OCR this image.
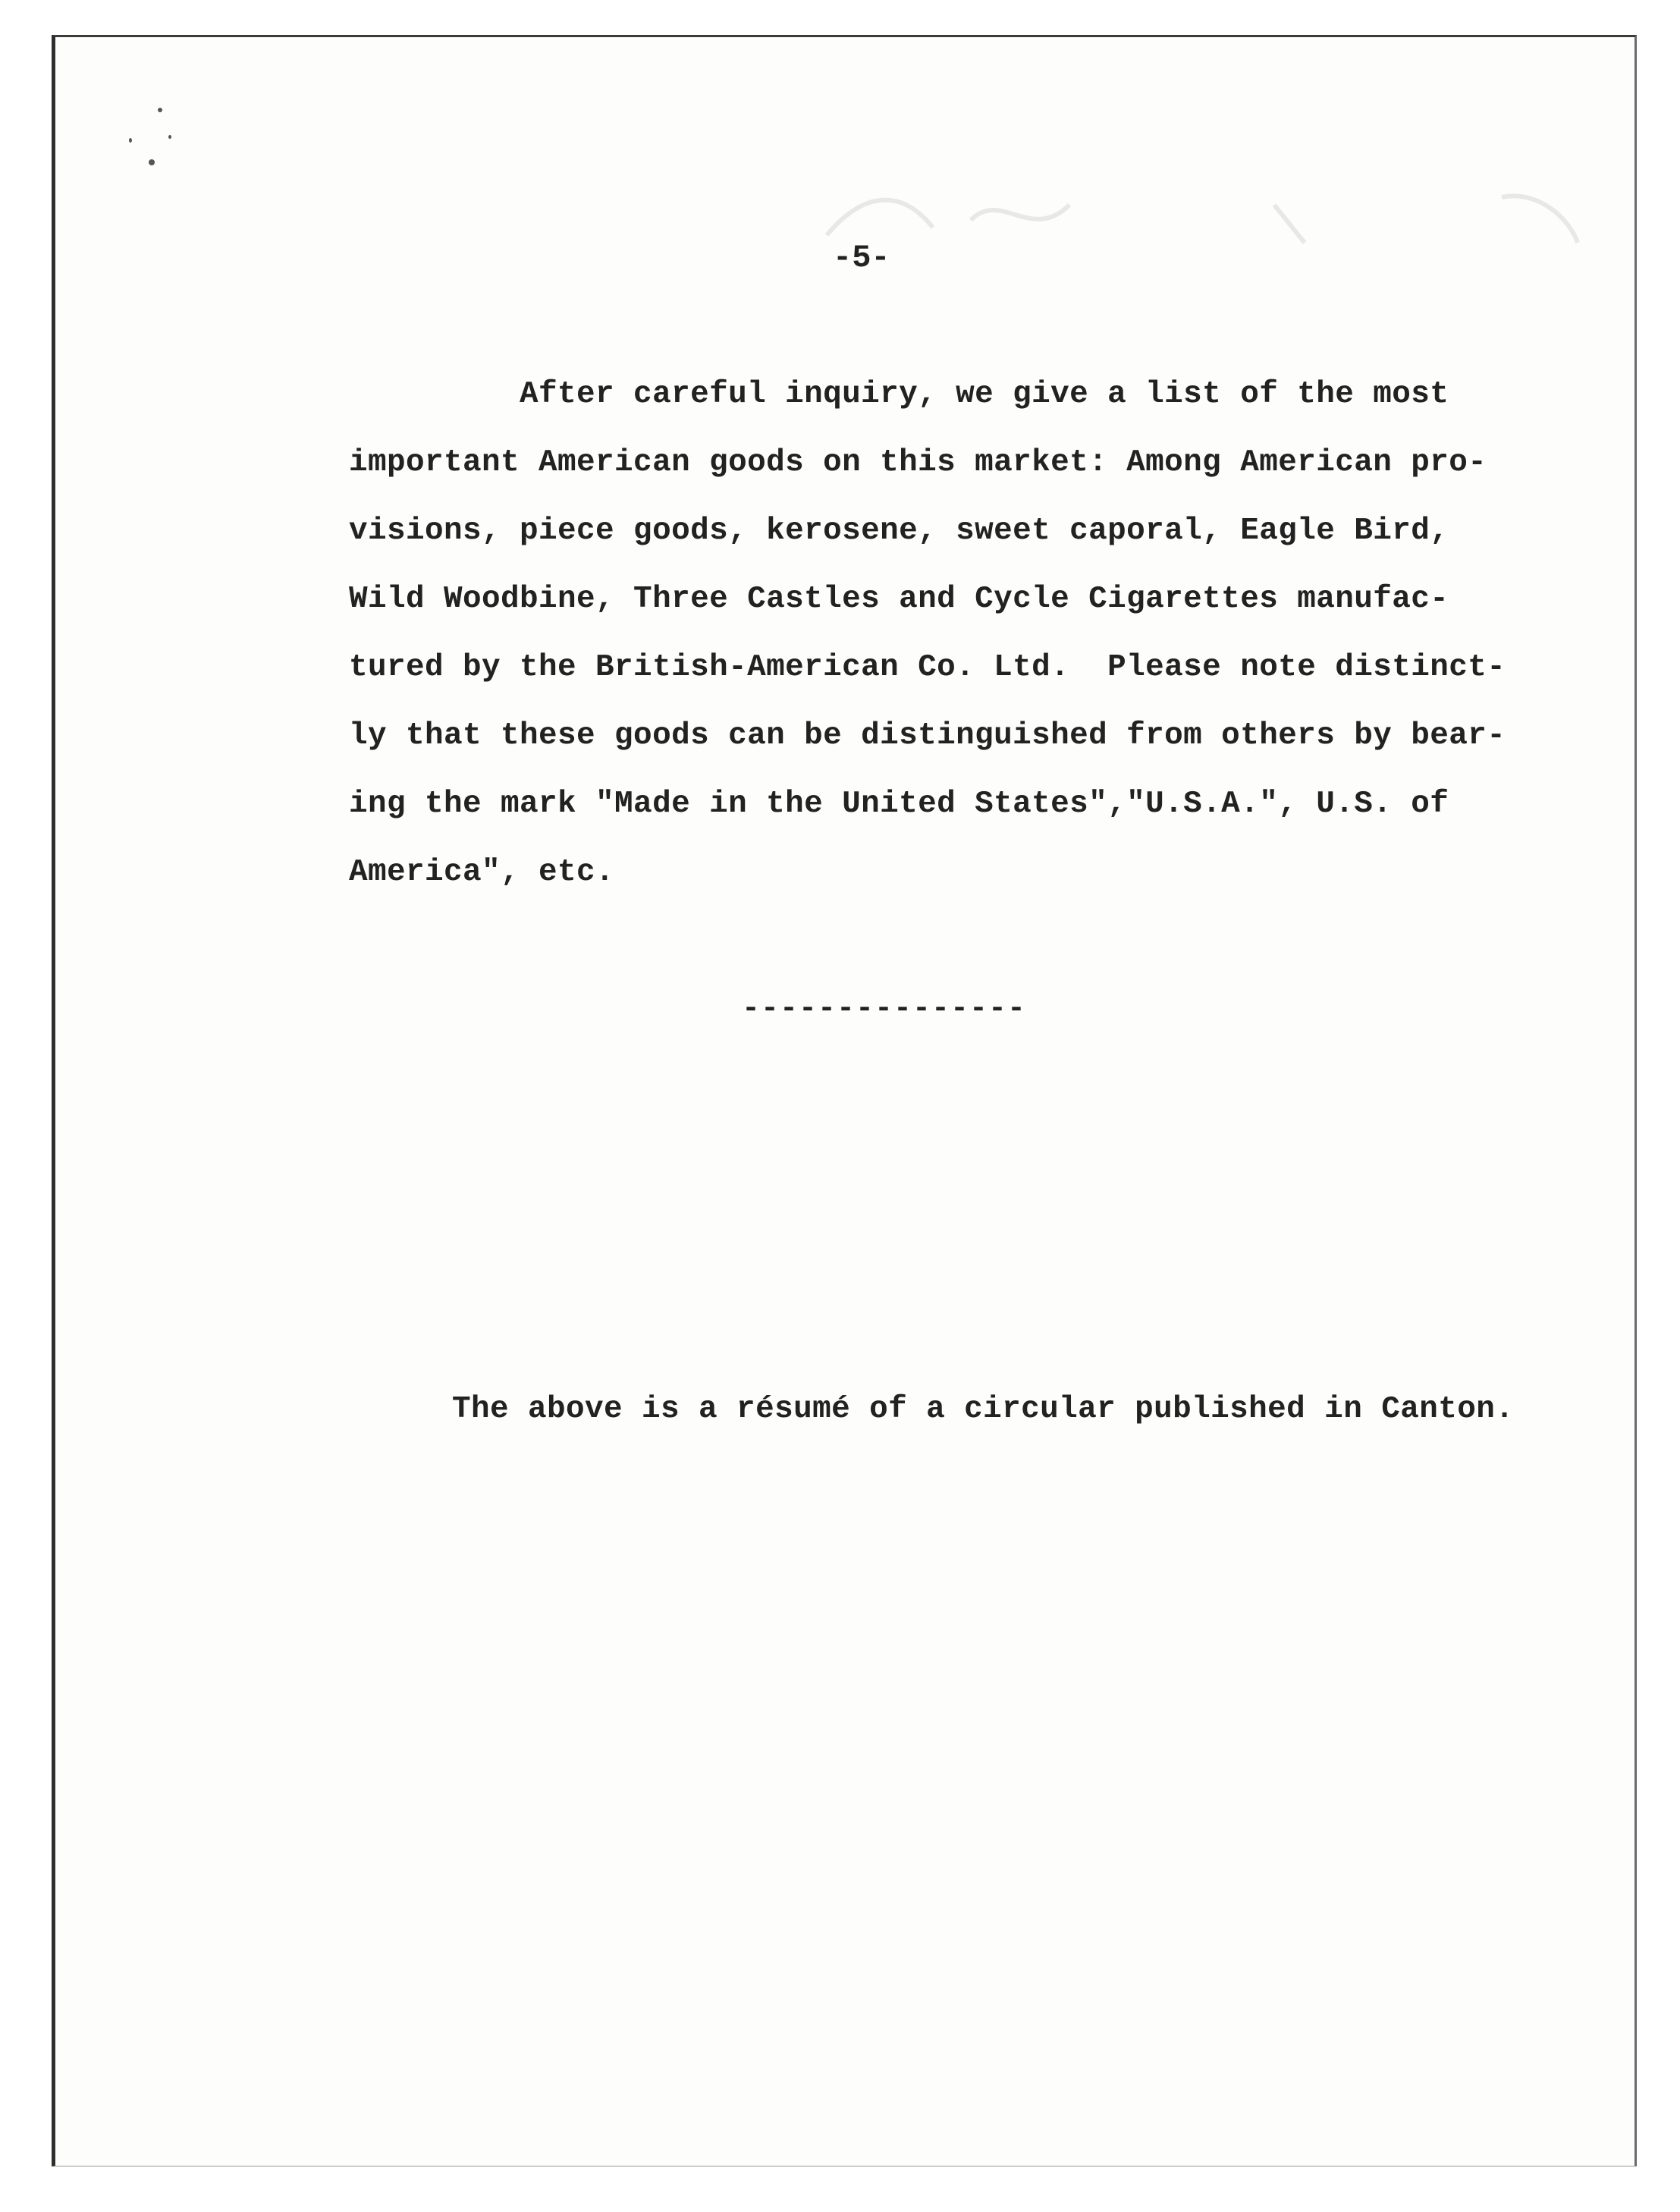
-5-
After careful inquiry, we give a list of the most
important American goods on this market: Among American pro-
visions, piece goods, kerosene, sweet caporal, Eagle Bird,
Wild Woodbine, Three Castles and Cycle Cigarettes manufac-
tured by the British-American Co. Ltd.  Please note distinct-
ly that these goods can be distinguished from others by bear-
ing the mark "Made in the United States","U.S.A.", U.S. of
America", etc.
---------------
The above is a résumé of a circular published in Canton.
